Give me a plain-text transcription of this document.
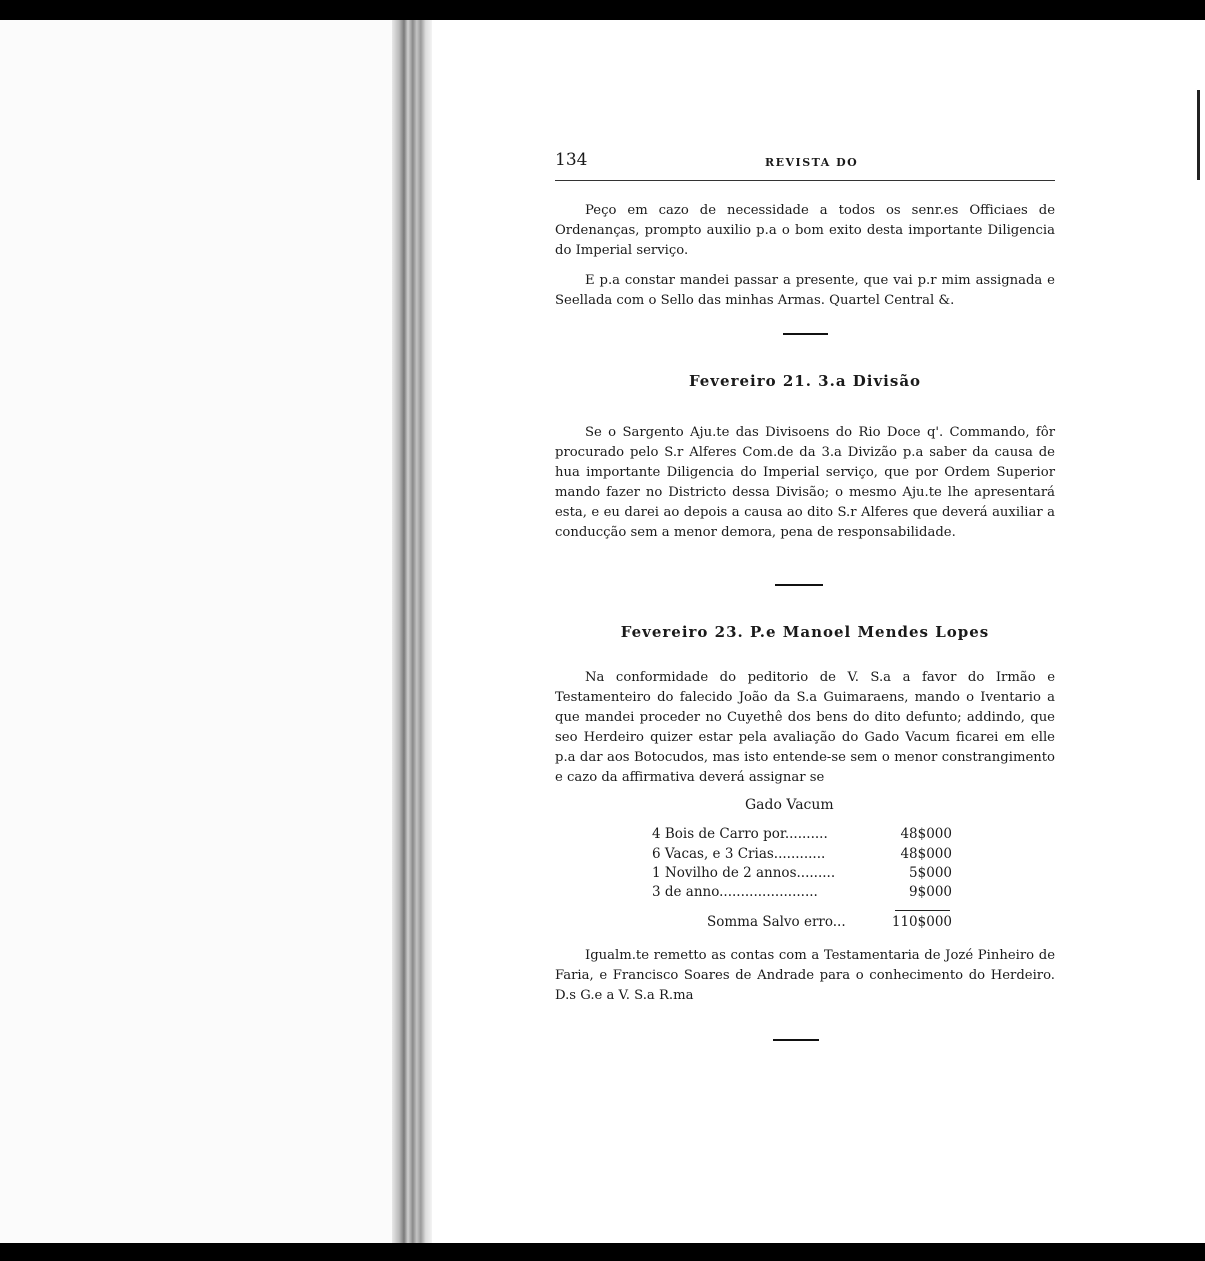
134	REVISTA DO

Peço em cazo de necessidade a todos os senr.es Officiaes de Ordenanças, prompto auxilio p.a o bom exito desta importante Diligencia do Imperial serviço.

E p.a constar mandei passar a presente, que vai p.r mim assignada e Seellada com o Sello das minhas Armas. Quartel Central &.

Fevereiro 21. 3.a Divisão

Se o Sargento Aju.te das Divisoens do Rio Doce q'. Commando, fôr procurado pelo S.r Alferes Com.de da 3.a Divizão p.a saber da causa de hua importante Diligencia do Imperial serviço, que por Ordem Superior mando fazer no Districto dessa Divisão; o mesmo Aju.te lhe apresentará esta, e eu darei ao depois a causa ao dito S.r Alferes que deverá auxiliar a conducção sem a menor demora, pena de responsabilidade.

Fevereiro 23. P.e Manoel Mendes Lopes

Na conformidade do peditorio de V. S.a a favor do Irmão e Testamenteiro do falecido João da S.a Guimaraens, mando o Iventario a que mandei proceder no Cuyethê dos bens do dito defunto; addindo, que seo Herdeiro quizer estar pela avaliação do Gado Vacum ficarei em elle p.a dar aos Botocudos, mas isto entende-se sem o menor constrangimento e cazo da affirmativa deverá assignar se

Gado Vacum
4 Bois de Carro por..........	48$000
6 Vacas, e 3 Crias............	48$000
1 Novilho de 2 annos.........	5$000
3 de anno.......................	9$000
Somma Salvo erro...	110$000

Igualm.te remetto as contas com a Testamentaria de Jozé Pinheiro de Faria, e Francisco Soares de Andrade para o conhecimento do Herdeiro. D.s G.e a V. S.a R.ma
